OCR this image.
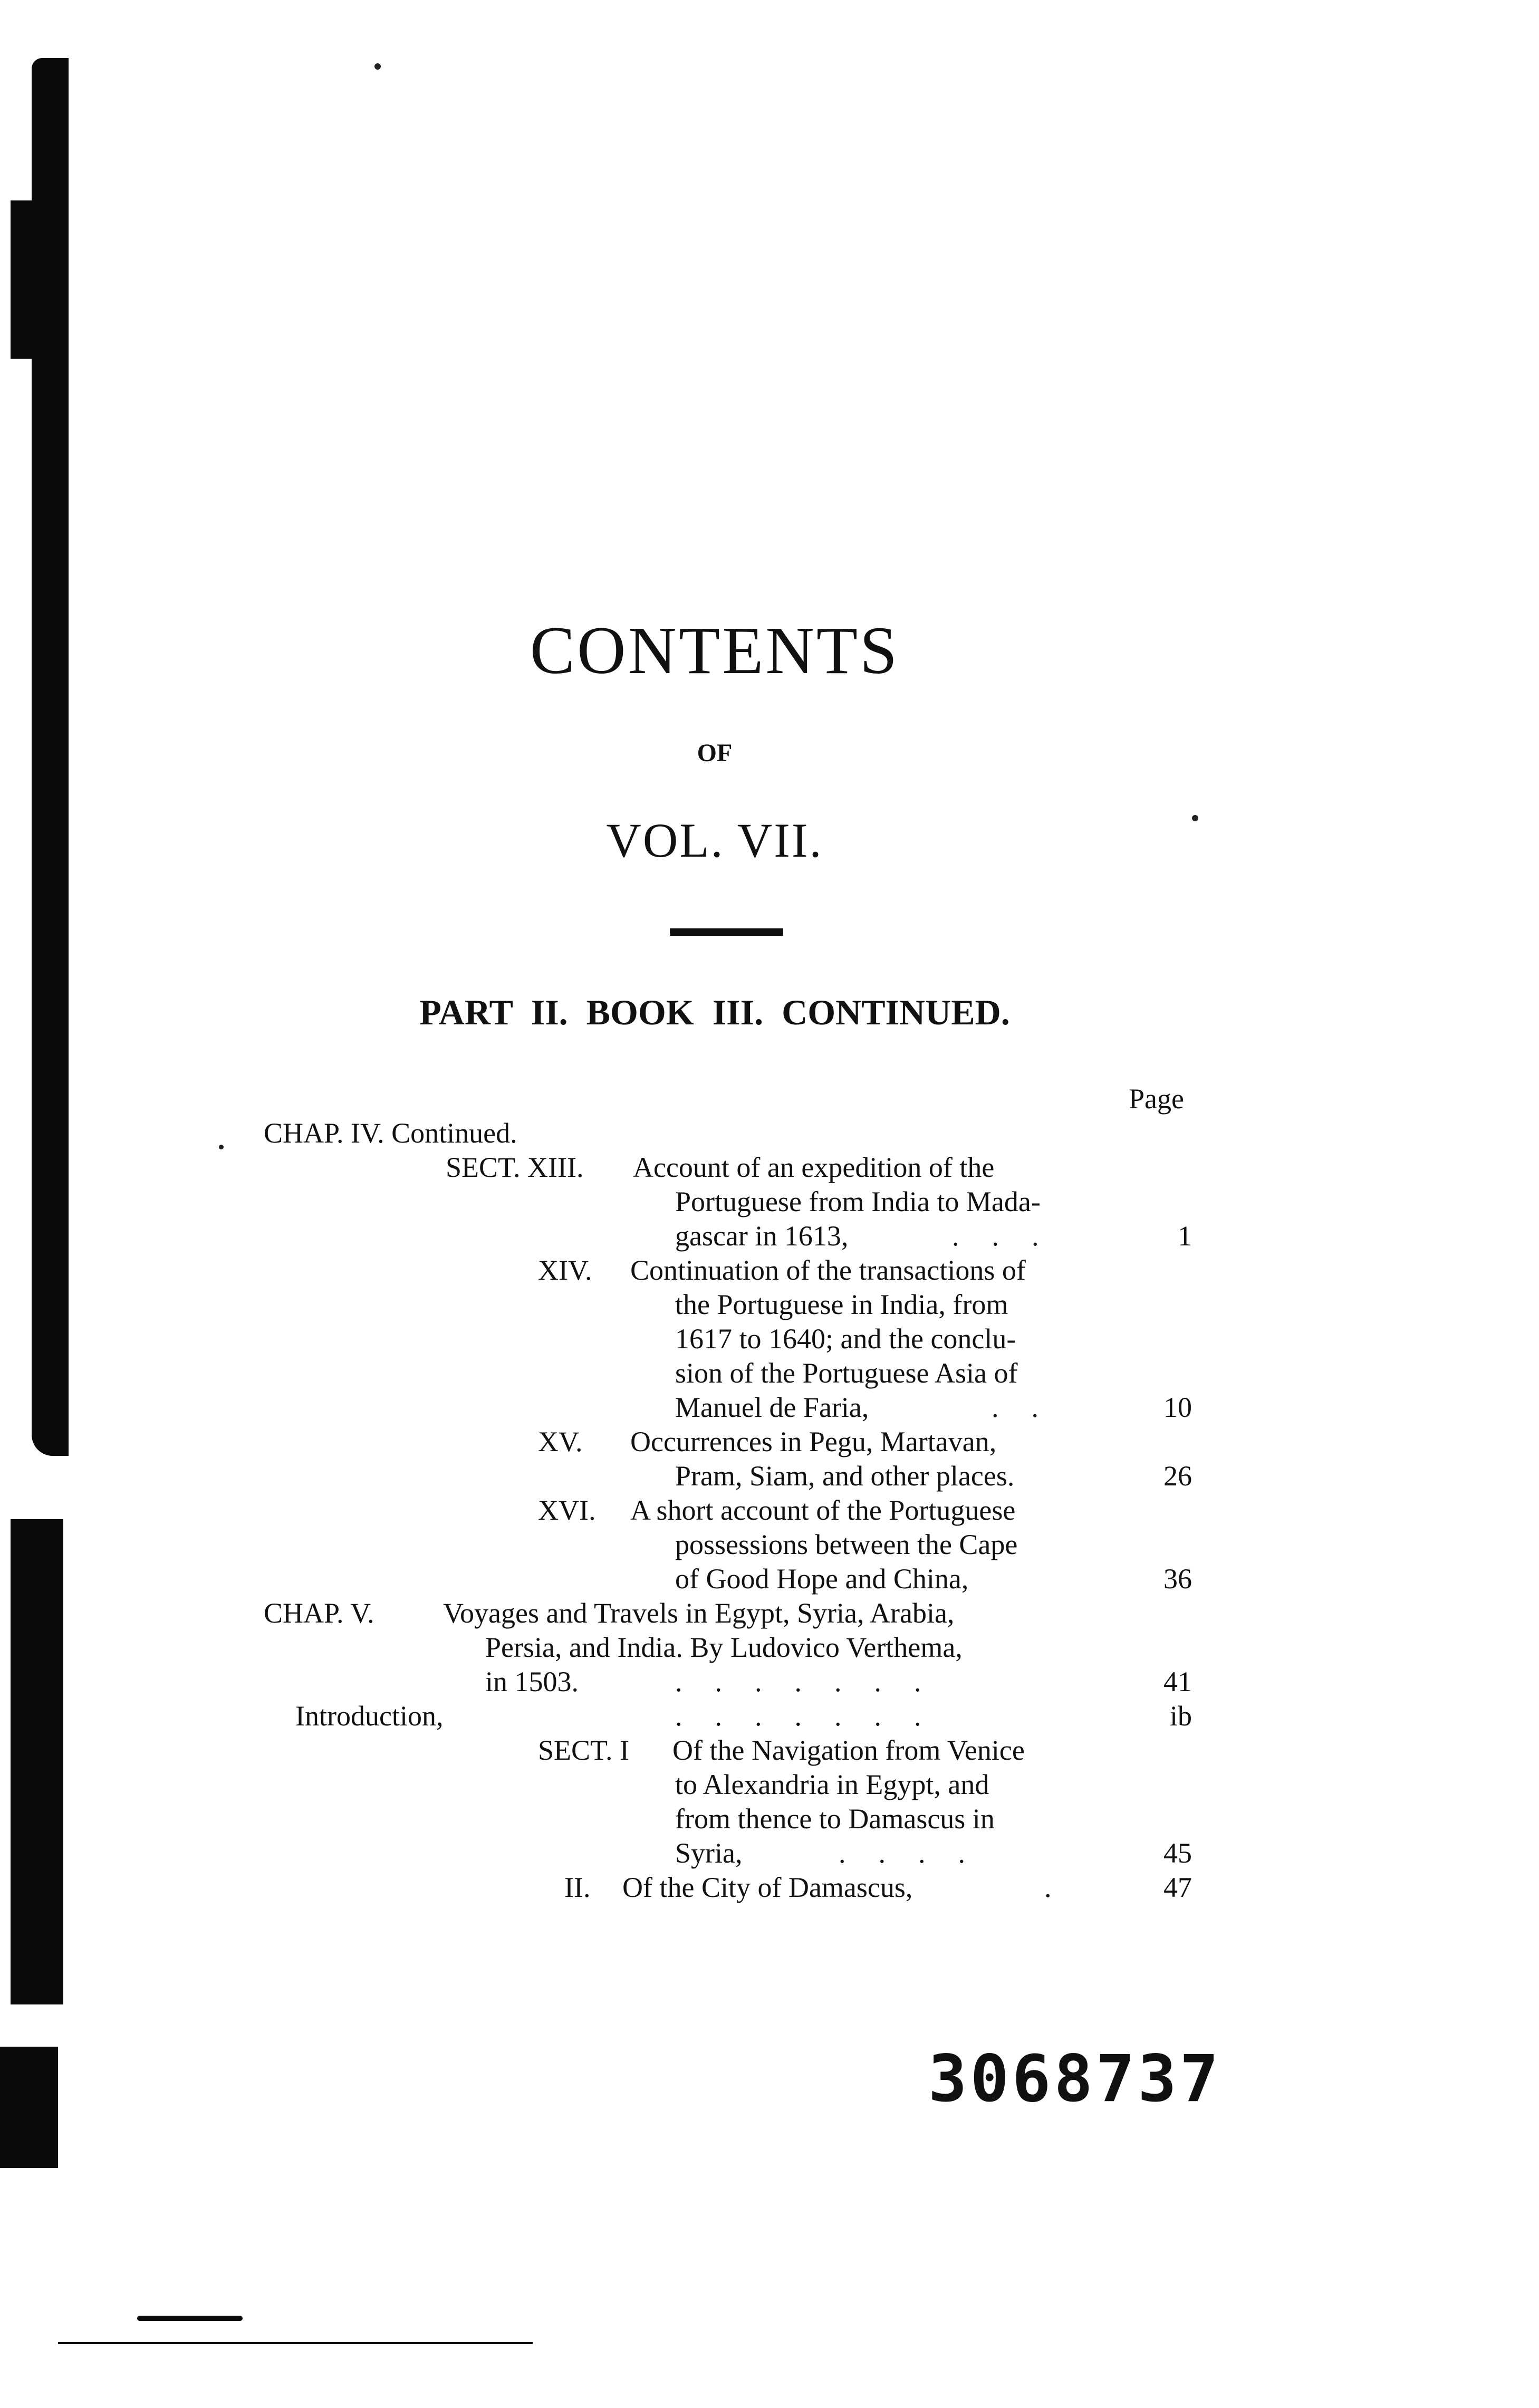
CONTENTS
OF
VOL. VII.
PART II. BOOK III. CONTINUED.
Page
CHAP. IV. Continued.
SECT. XIII. Account of an expedition of the
Portuguese from India to Mada-
gascar in 1613,	...	1
XIV. Continuation of the transactions of
the Portuguese in India, from
1617 to 1640; and the conclu-
sion of the Portuguese Asia of
Manuel de Faria,	..	10
XV. Occurrences in Pegu, Martavan,
Pram, Siam, and other places.	26
XVI. A short account of the Portuguese
possessions between the Cape
of Good Hope and China,	36
CHAP. V. Voyages and Travels in Egypt, Syria, Arabia,
Persia, and India. By Ludovico Verthema,
in 1503.	.......	41
Introduction,	.......	ib
SECT. I Of the Navigation from Venice
to Alexandria in Egypt, and
from thence to Damascus in
Syria,	....	45
II. Of the City of Damascus,	.	47
3068737
